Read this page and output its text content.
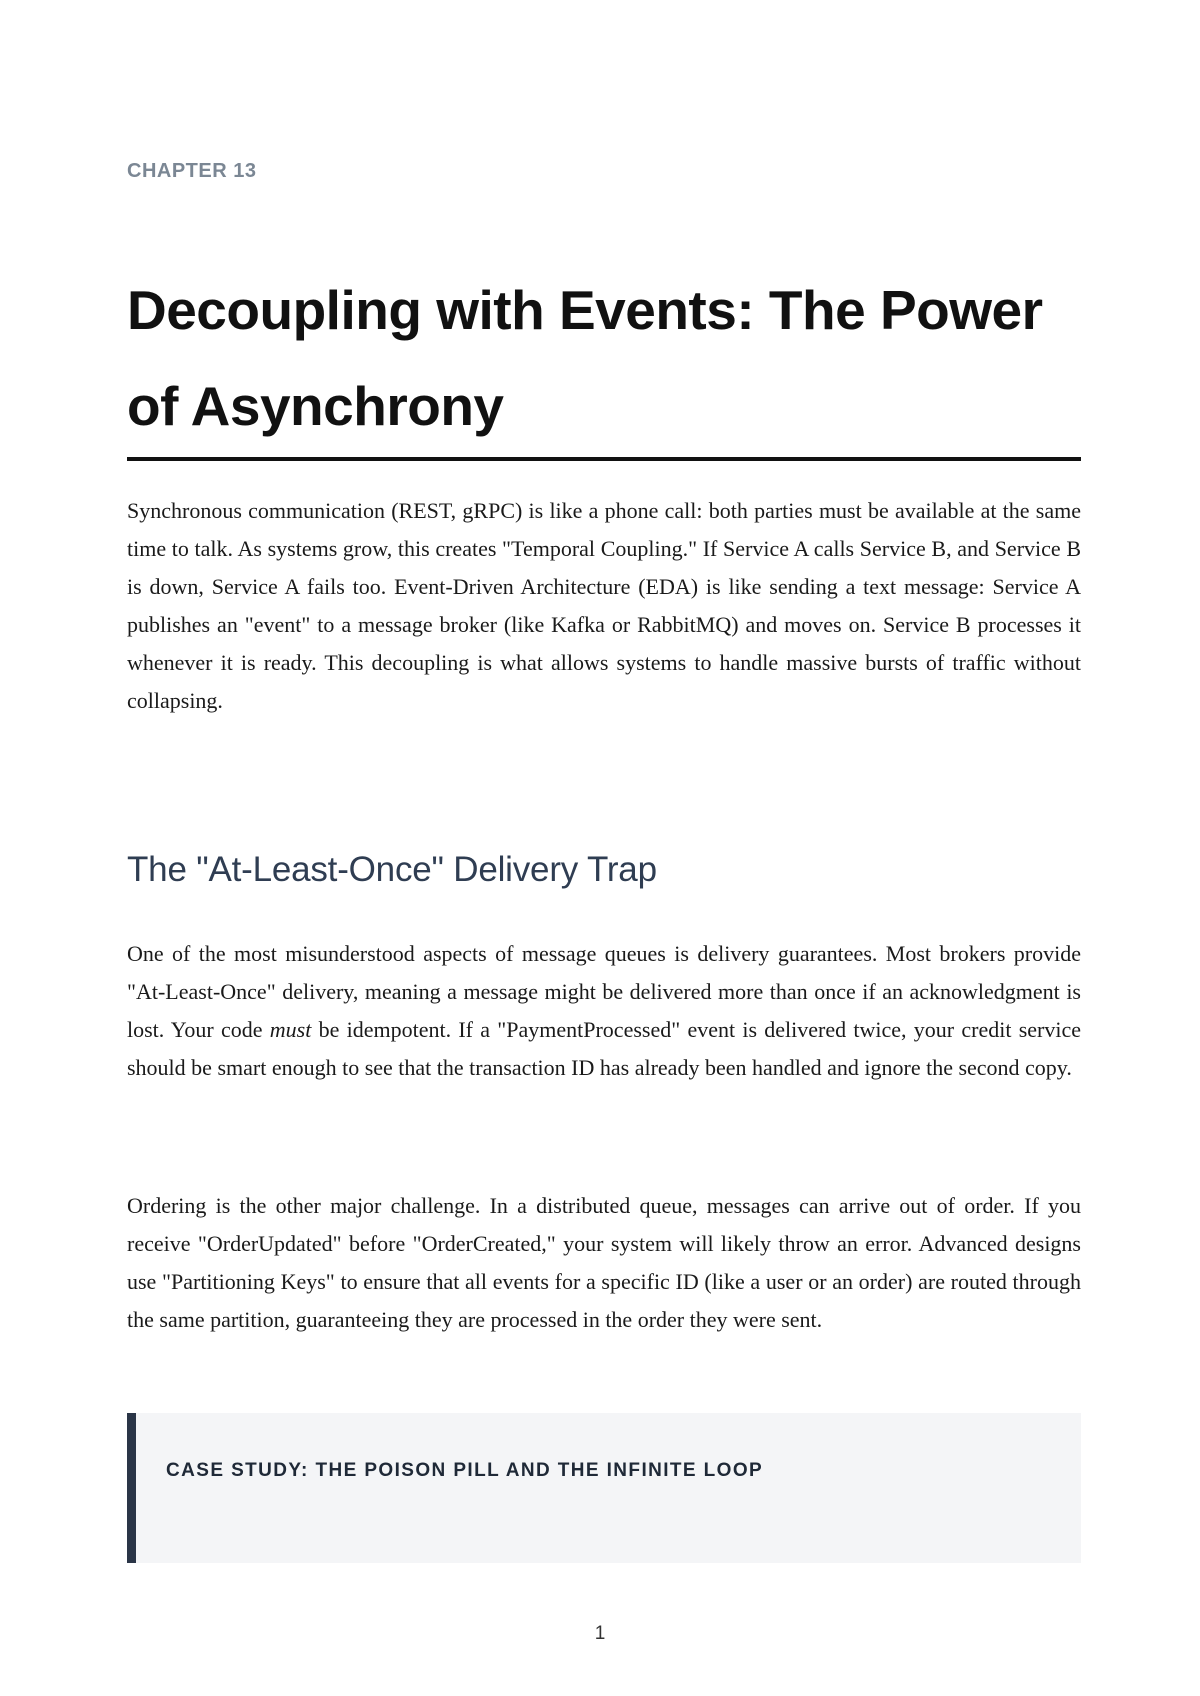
CHAPTER 13

Decoupling with Events: The Power of Asynchrony

Synchronous communication (REST, gRPC) is like a phone call: both parties must be available at the same time to talk. As systems grow, this creates "Temporal Coupling." If Service A calls Service B, and Service B is down, Service A fails too. Event-Driven Architecture (EDA) is like sending a text message: Service A publishes an "event" to a message broker (like Kafka or RabbitMQ) and moves on. Service B processes it whenever it is ready. This decoupling is what allows systems to handle massive bursts of traffic without collapsing.

The "At-Least-Once" Delivery Trap

One of the most misunderstood aspects of message queues is delivery guarantees. Most brokers provide "At-Least-Once" delivery, meaning a message might be delivered more than once if an acknowledgment is lost. Your code must be idempotent. If a "PaymentProcessed" event is delivered twice, your credit service should be smart enough to see that the transaction ID has already been handled and ignore the second copy.

Ordering is the other major challenge. In a distributed queue, messages can arrive out of order. If you receive "OrderUpdated" before "OrderCreated," your system will likely throw an error. Advanced designs use "Partitioning Keys" to ensure that all events for a specific ID (like a user or an order) are routed through the same partition, guaranteeing they are processed in the order they were sent.

CASE STUDY: THE POISON PILL AND THE INFINITE LOOP

1
